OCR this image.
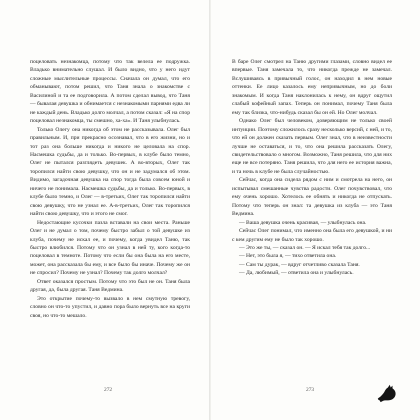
поцеловать незнакомца, потому что так велела ее подружка. Владько внимательно слушал. И было видно, что у него идут сложные мыслительные процессы. Сначала он думал, что его обманывают, потом решил, что Таня знала о знакомстве с Василиной и та ее подговорила. А потом сделал вывод, что Таня — бывалая девушка и обнимается с незнакомыми парнями едва ли не каждый день. Владько долго молчал, а потом сказал: «Я на спор поцеловал незнакомца, ты смешно, ха-ха». И Таня улыбнулась.

Только Олегу она никогда об этом не рассказывала. Олег был правильным. И, при прекрасно осознавал, что в его жизни, но и тот раз она больше никогда и никого не целовала на спор. Насмешка судьбы, да и только. Во-первых, в клубе было темно, Олег не пытался разглядеть девушек. А во-вторых, Олег так торопился найти свою девушку, что он и не задумался об этом. Видимо, загадочная девушка на спор тогда была совсем юной и ничего не понимала. Насмешка судьбы, да и только. Во-первых, в клубе было темно, и Олег — в-третьих, Олег так торопился найти свою девушку, что не узнал ее. А-в-третьих, Олег так торопился найти свою девушку, что и этого не смог.

Недостающие кусочки пазла вставали на свои места. Раньше Олег и не думал о том, почему быстро забыл о той девушке из клуба, почему не искал ее, и почему, когда увидел Таню, так быстро влюбился. Потому что он узнал в ней ту, кого когда-то поцеловал в темноте. Потому что если бы она была на его месте, может, она рассказала бы ему, и все было бы иначе. Почему же он не спросил? Почему не узнал? Почему так долго молчал?

Ответ оказался простым. Потому что это был не он. Таня была другая, да, была другая. Таня Ведмина.

Это открытие почему-то вызвало в нем смутную тревогу, словно он что-то упустил, и давно пора было вернуть все на круги своя, но что-то мешало.

В баре Олег смотрел на Таню другими глазами, словно видел ее впервые. Таня замечала то, что никогда прежде не замечал. Вслушиваясь в привычный голос, он находил в нем новые оттенки. Ее лицо казалось ему непривычным, но до боли знакомым. И когда Таня наклонилась к нему, он вдруг ощутил слабый кофейный запах. Теперь он понимал, почему Таня была ему так близка, что-нибудь сказал бы он ей. Но Олег молчал.

Однако Олег был человеком, доверяющим не только своей интуиции. Поэтому сложилось сразу несколько версий, с ней, и то, что ей он должен сказать первым. Олег знал, что в неизвестности лучше не оставаться, и то, что она решила рассказать Олегу, свидетельствовало о многом. Возможно, Таня решила, что для них еще не все потеряно. Таня решила, что для него ее история важна, и та ночь в клубе не была случайностью.

Сейчас, когда она сидела рядом с ним и смотрела на него, он испытывал смешанные чувства радости. Олег почувствовал, что ему очень хорошо. Хотелось ее обнять и никогда не отпускать. Потому что теперь он знал: та девушка из клуба — это Таня Ведмина.

— Ваша девушка очень красивая, — улыбнулась она.

Сейчас Олег понимал, что именно она была его девушкой, и ни с кем другим ему не было так хорошо.

— Это же ты, — сказал он. — Я искал тебя так долго...

— Нет, это была я, — тихо ответила она.

— Сам ты дурак, — вдруг отчетливо сказала Таня.

— Да, любимый, — ответила она и улыбнулась.

272	273
